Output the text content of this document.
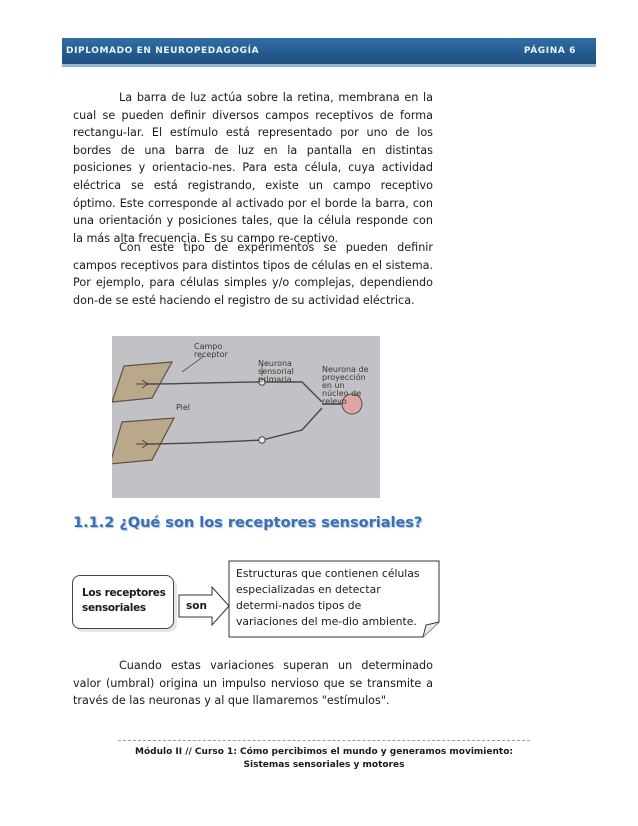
DIPLOMADO EN NEUROPEDAGOGÍA	PÁGINA 6

La barra de luz actúa sobre la retina, membrana en la cual se pueden definir diversos campos receptivos de forma rectangu-lar. El estímulo está representado por uno de los bordes de una barra de luz en la pantalla en distintas posiciones y orientacio-nes. Para esta célula, cuya actividad eléctrica se está registrando, existe un campo receptivo óptimo. Este corresponde al activado por el borde la barra, con una orientación y posiciones tales, que la célula responde con la más alta frecuencia. Es su campo re-ceptivo.

Con este tipo de experimentos se pueden definir campos receptivos para distintos tipos de células en el sistema. Por ejemplo, para células simples y/o complejas, dependiendo don-de se esté haciendo el registro de su actividad eléctrica.

Campo
receptor
Neurona
sensorial
primaria
Neurona de
proyección
en un
núcleo de
relevo
Piel
1.1.2 ¿Qué son los receptores sensoriales?
Los receptores
sensoriales	son
Estructuras que contienen células especializadas en detectar determi-nados tipos de variaciones del me-dio ambiente.

Cuando estas variaciones superan un determinado valor (umbral) origina un impulso nervioso que se transmite a través de las neuronas y al que llamaremos "estímulos".

Módulo II // Curso 1: Cómo percibimos el mundo y generamos movimiento:
Sistemas sensoriales y motores
